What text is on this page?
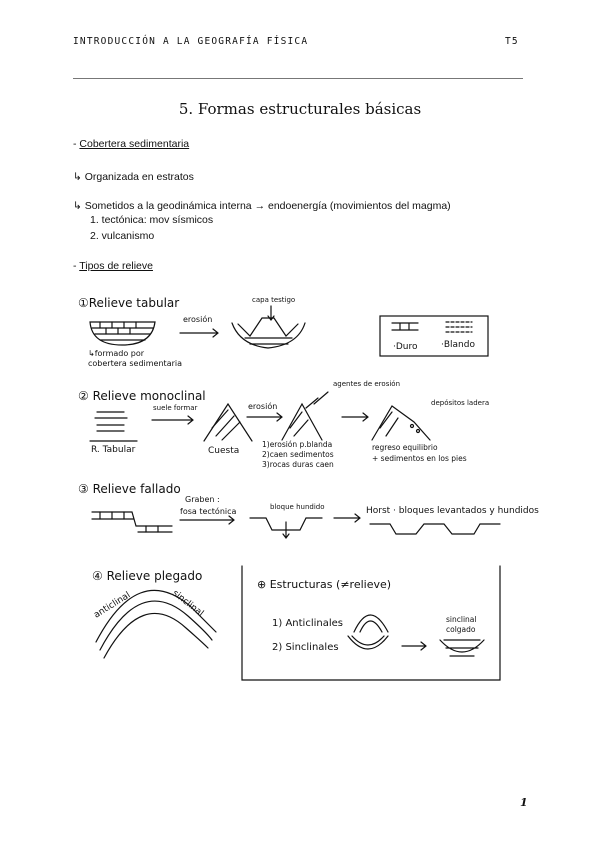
INTRODUCCIÓN A LA GEOGRAFÍA FÍSICA	T5
5. Formas estructurales básicas
- Cobertera sedimentaria
↳ Organizada en estratos
↳ Sometidos a la geodinámica interna → endoenergía (movimientos del magma)
1. tectónica: mov sísmicos
2. vulcanismo
- Tipos de relieve
①Relieve tabular
↳formado por
cobertera sedimentaria
erosión
capa testigo
·Duro	·Blando
② Relieve monoclinal
R. Tabular
suele formar
Cuesta
erosión
agentes de erosión
1)erosión p.blanda
2)caen sedimentos
3)rocas duras caen
depósitos ladera
regreso equilibrio
+ sedimentos en los pies
③ Relieve fallado
Graben :
fosa tectónica	bloque hundido	Horst · bloques levantados y hundidos
④ Relieve plegado
anticlinal	sinclinal
⊕ Estructuras (≠relieve)
1) Anticlinales
2) Sinclinales
sinclinal
colgado
1
